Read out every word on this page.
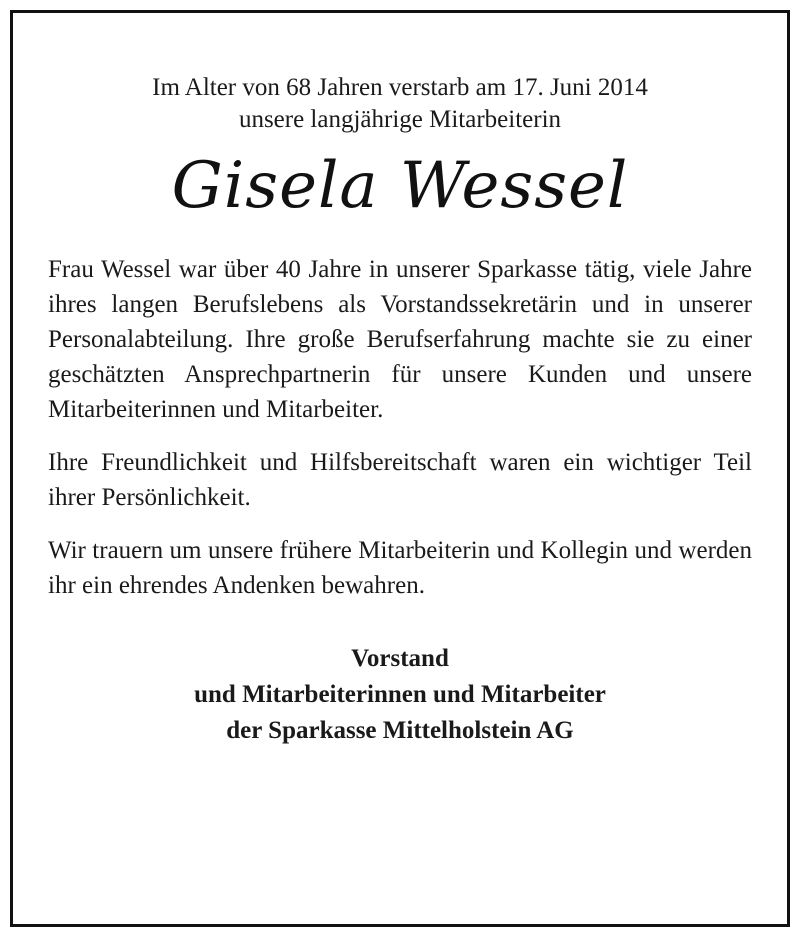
Im Alter von 68 Jahren verstarb am 17. Juni 2014
unsere langjährige Mitarbeiterin

Gisela Wessel

Frau Wessel war über 40 Jahre in unserer Sparkasse tätig, viele Jahre ihres langen Berufslebens als Vorstandssekretärin und in unserer Personalabteilung. Ihre große Berufserfahrung machte sie zu einer geschätzten Ansprechpartnerin für unsere Kunden und unsere Mitarbeiterinnen und Mitarbeiter.

Ihre Freundlichkeit und Hilfsbereitschaft waren ein wichtiger Teil ihrer Persönlichkeit.

Wir trauern um unsere frühere Mitarbeiterin und Kollegin und werden ihr ein ehrendes Andenken bewahren.

Vorstand
und Mitarbeiterinnen und Mitarbeiter
der Sparkasse Mittelholstein AG
